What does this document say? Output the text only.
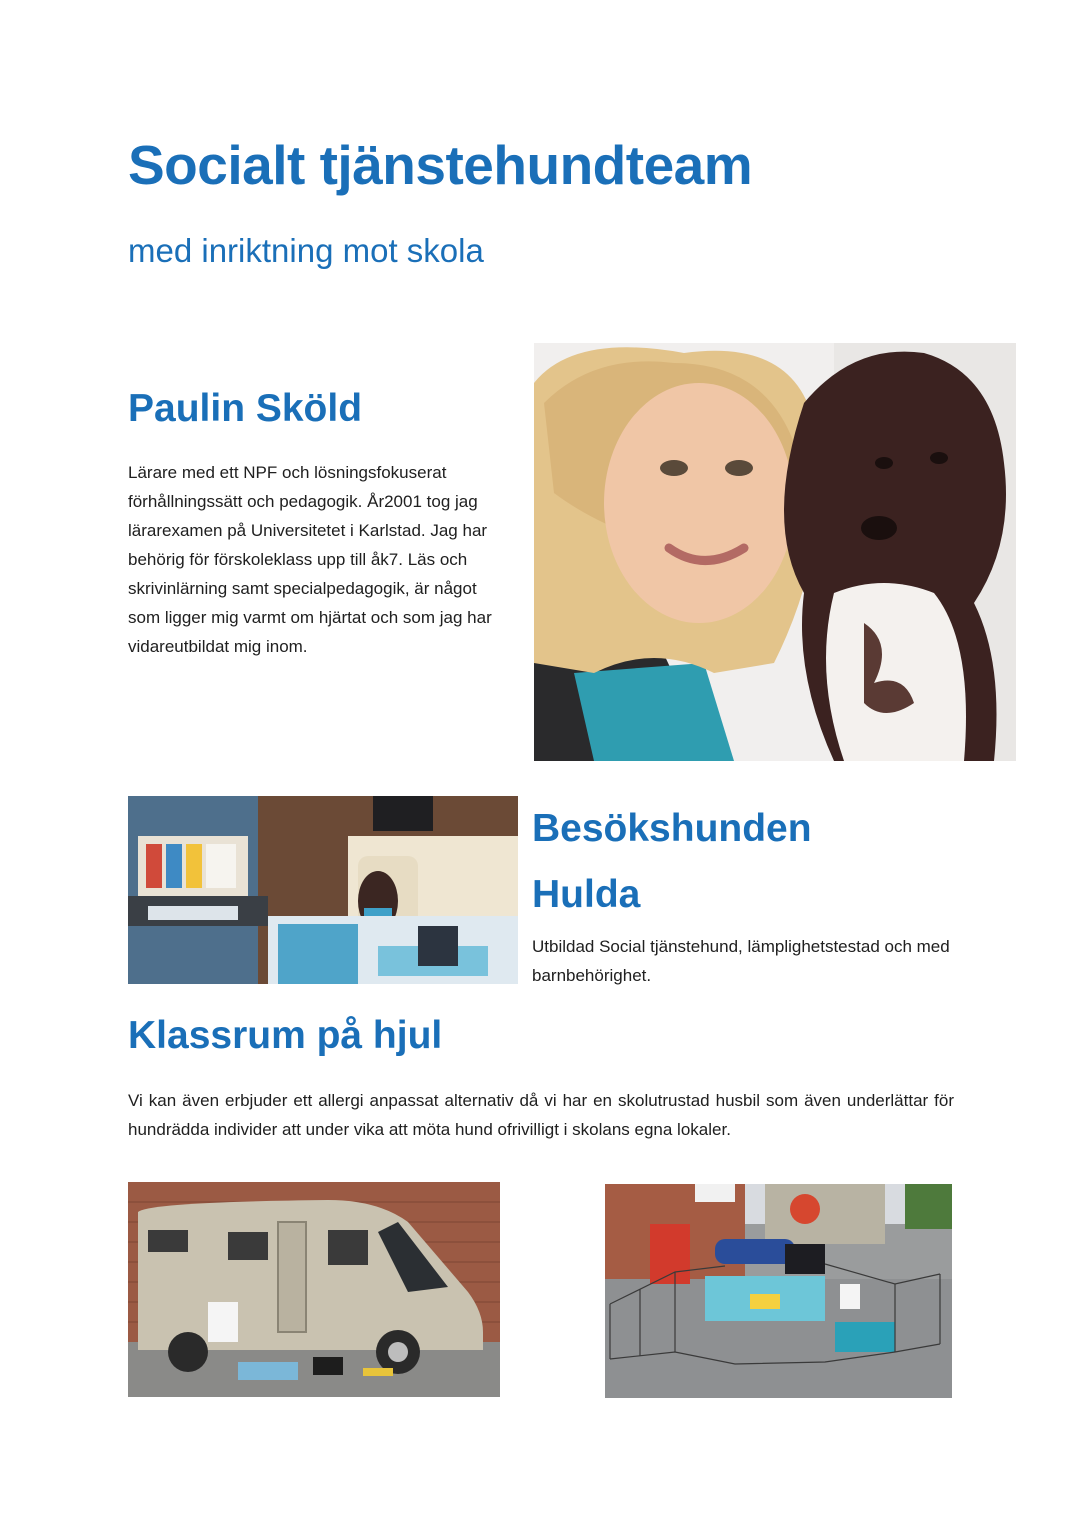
Socialt tjänstehundteam
med inriktning mot skola
Paulin Sköld

Lärare med ett NPF och lösningsfokuserat förhållningssätt och pedagogik. År2001 tog jag lärarexamen på Universitetet i Karlstad. Jag har behörig för förskoleklass upp till åk7. Läs och skrivinlärning samt specialpedagogik, är något som ligger mig varmt om hjärtat och som jag har vidareutbildat mig inom.

Besökshunden
Hulda

Utbildad Social tjänstehund, lämplighetstestad och med barnbehörighet.

Klassrum på hjul

Vi kan även erbjuder ett allergi anpassat alternativ då vi har en skolutrustad husbil som även underlättar för hundrädda individer att under vika att möta hund ofrivilligt i skolans egna lokaler.
